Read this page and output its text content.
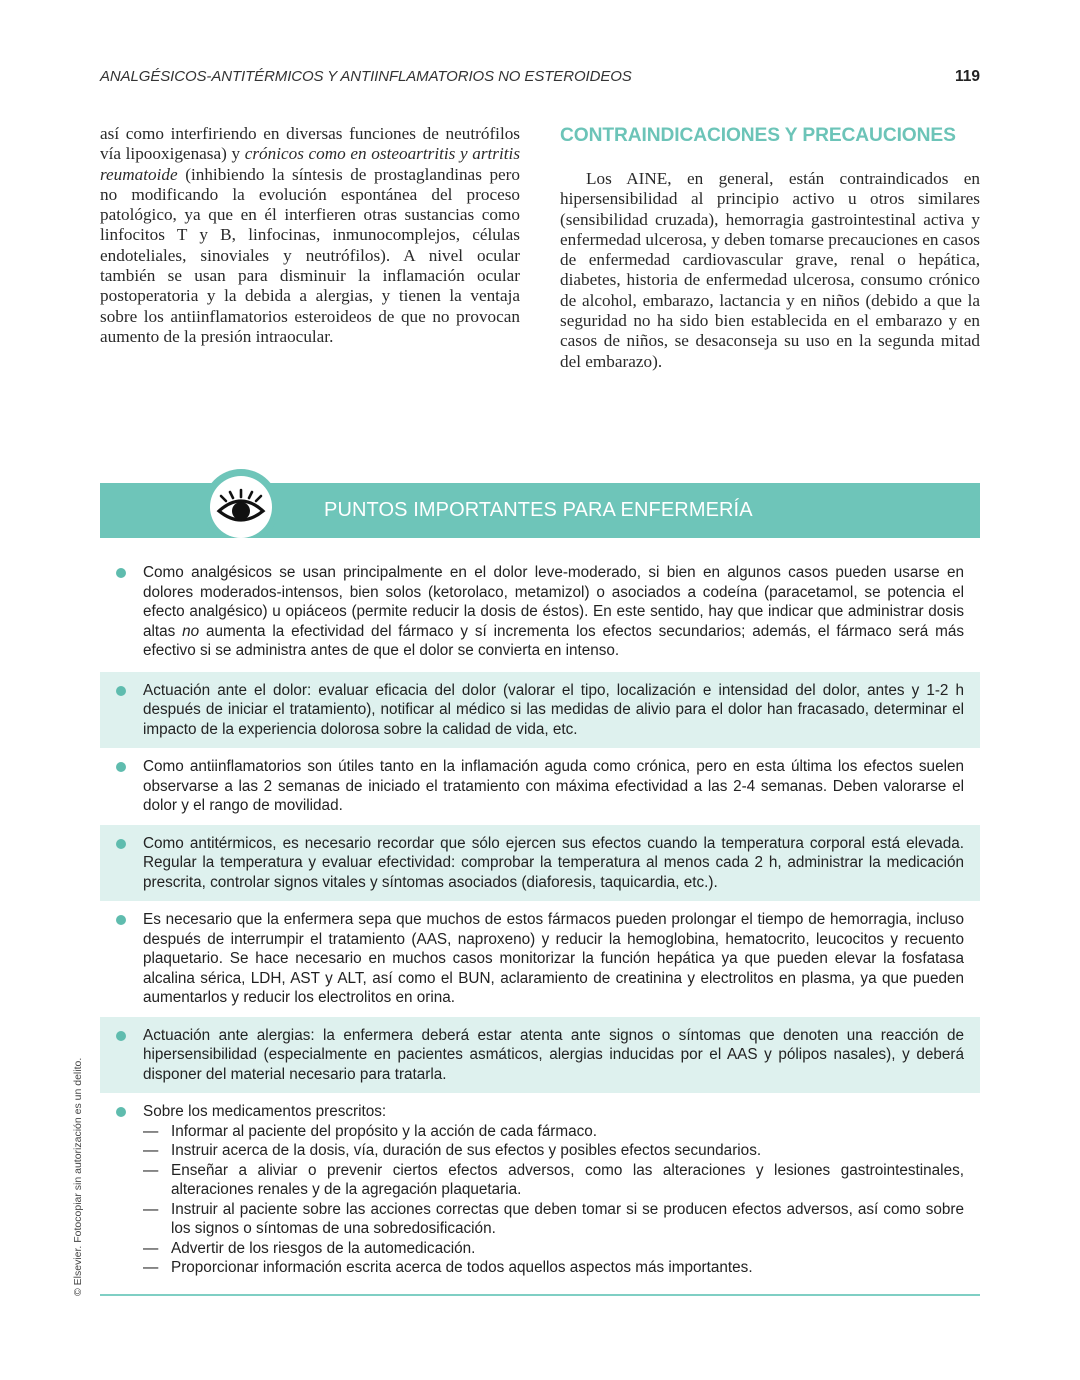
ANALGÉSICOS-ANTITÉRMICOS Y ANTIINFLAMATORIOS NO ESTEROIDEOS	119

así como interfiriendo en diversas funciones de neutrófilos vía lipooxigenasa) y crónicos como en osteoartritis y artritis reumatoide (inhibiendo la síntesis de prostaglandinas pero no modificando la evolución espontánea del proceso patológico, ya que en él interfieren otras sustancias como linfocitos T y B, linfocinas, inmunocomplejos, células endoteliales, sinoviales y neutrófilos). A nivel ocular también se usan para disminuir la inflamación ocular postoperatoria y la debida a alergias, y tienen la ventaja sobre los antiinflamatorios esteroideos de que no provocan aumento de la presión intraocular.

CONTRAINDICACIONES Y PRECAUCIONES

Los AINE, en general, están contraindicados en hipersensibilidad al principio activo u otros similares (sensibilidad cruzada), hemorragia gastrointestinal activa y enfermedad ulcerosa, y deben tomarse precauciones en casos de enfermedad cardiovascular grave, renal o hepática, diabetes, historia de enfermedad ulcerosa, consumo crónico de alcohol, embarazo, lactancia y en niños (debido a que la seguridad no ha sido bien establecida en el embarazo y en casos de niños, se desaconseja su uso en la segunda mitad del embarazo).

PUNTOS IMPORTANTES PARA ENFERMERÍA
Como analgésicos se usan principalmente en el dolor leve-moderado, si bien en algunos casos pueden usarse en dolores moderados-intensos, bien solos (ketorolaco, metamizol) o asociados a codeína (paracetamol, se potencia el efecto analgésico) u opiáceos (permite reducir la dosis de éstos). En este sentido, hay que indicar que administrar dosis altas no aumenta la efectividad del fármaco y sí incrementa los efectos secundarios; además, el fármaco será más efectivo si se administra antes de que el dolor se convierta en intenso.
Actuación ante el dolor: evaluar eficacia del dolor (valorar el tipo, localización e intensidad del dolor, antes y 1-2 h después de iniciar el tratamiento), notificar al médico si las medidas de alivio para el dolor han fracasado, determinar el impacto de la experiencia dolorosa sobre la calidad de vida, etc.
Como antiinflamatorios son útiles tanto en la inflamación aguda como crónica, pero en esta última los efectos suelen observarse a las 2 semanas de iniciado el tratamiento con máxima efectividad a las 2-4 semanas. Deben valorarse el dolor y el rango de movilidad.
Como antitérmicos, es necesario recordar que sólo ejercen sus efectos cuando la temperatura corporal está elevada. Regular la temperatura y evaluar efectividad: comprobar la temperatura al menos cada 2 h, administrar la medicación prescrita, controlar signos vitales y síntomas asociados (diaforesis, taquicardia, etc.).
Es necesario que la enfermera sepa que muchos de estos fármacos pueden prolongar el tiempo de hemorragia, incluso después de interrumpir el tratamiento (AAS, naproxeno) y reducir la hemoglobina, hematocrito, leucocitos y recuento plaquetario. Se hace necesario en muchos casos monitorizar la función hepática ya que pueden elevar la fosfatasa alcalina sérica, LDH, AST y ALT, así como el BUN, aclaramiento de creatinina y electrolitos en plasma, ya que pueden aumentarlos y reducir los electrolitos en orina.
Actuación ante alergias: la enfermera deberá estar atenta ante signos o síntomas que denoten una reacción de hipersensibilidad (especialmente en pacientes asmáticos, alergias inducidas por el AAS y pólipos nasales), y deberá disponer del material necesario para tratarla.
Sobre los medicamentos prescritos:
— Informar al paciente del propósito y la acción de cada fármaco.
— Instruir acerca de la dosis, vía, duración de sus efectos y posibles efectos secundarios.
— Enseñar a aliviar o prevenir ciertos efectos adversos, como las alteraciones y lesiones gastrointestinales, alteraciones renales y de la agregación plaquetaria.
— Instruir al paciente sobre las acciones correctas que deben tomar si se producen efectos adversos, así como sobre los signos o síntomas de una sobredosificación.
— Advertir de los riesgos de la automedicación.
— Proporcionar información escrita acerca de todos aquellos aspectos más importantes.
© Elsevier. Fotocopiar sin autorización es un delito.
